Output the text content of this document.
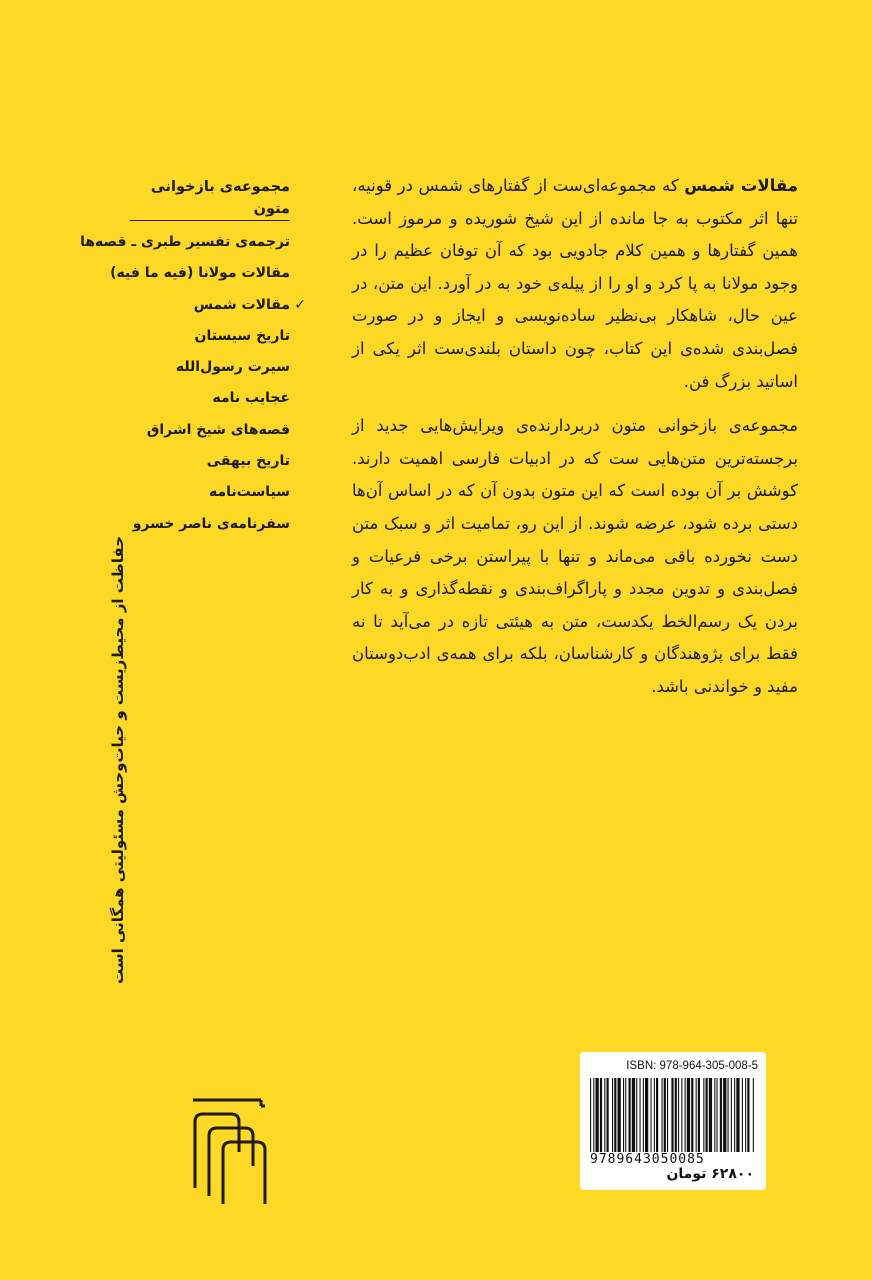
مقالات شمس که مجموعه‌ای‌ست از گفتارهای شمس در قونیه، تنها اثر مکتوب به جا مانده از این شیخ شوریده و مرموز است. همین گفتارها و همین کلام جادویی بود که آن توفان عظیم را در وجود مولانا به پا کرد و او را از پیله‌ی خود به در آورد. این متن، در عین حال، شاهکار بی‌نظیر ساده‌نویسی و ایجاز و در صورت فصل‌بندی شده‌ی این کتاب، چون داستان بلندی‌ست اثر یکی از اساتید بزرگ فن.

مجموعه‌ی بازخوانی متون دربردارنده‌ی ویرایش‌هایی جدید از برجسته‌ترین متن‌هایی ست که در ادبیات فارسی اهمیت دارند. کوشش بر آن بوده است که این متون بدون آن که در اساس آن‌ها دستی برده شود، عرضه شوند. از این رو، تمامیت اثر و سبک متن دست نخورده باقی می‌ماند و تنها با پیراستن برخی فرعیات و فصل‌بندی و تدوین مجدد و پاراگراف‌بندی و نقطه‌گذاری و به کار بردن یک رسم‌الخط یکدست، متن به هیئتی تازه در می‌آید تا نه فقط برای پژوهندگان و کارشناسان، بلکه برای همه‌ی ادب‌دوستان مفید و خواندنی باشد.

مجموعه‌ی بازخوانی متون
ترجمه‌ی تفسیر طبری ـ قصه‌ها
مقالات مولانا (فیه ما فیه)
✓
مقالات شمس
تاریخ سیستان
سیرت رسول‌الله
عجایب نامه
قصه‌های شیخ اشراق
تاریخ بیهقی
سیاست‌نامه
سفرنامه‌ی ناصر خسرو
حفاظت از محیط‌زیست و حیات‌وحش مسئولیتی همگانی است
ISBN: 978-964-305-008-5
9789643050085
۶۲۸۰۰ تومان
